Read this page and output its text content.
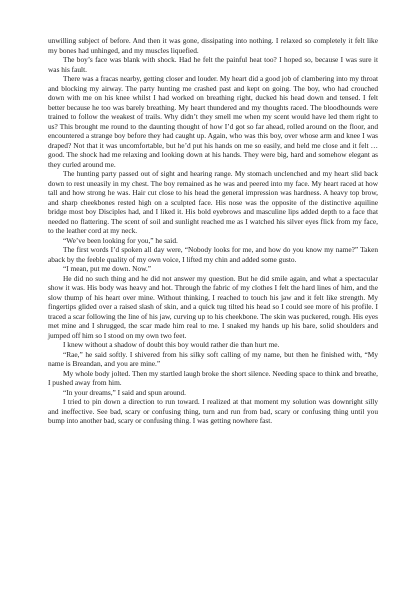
unwilling subject of before. And then it was gone, dissipating into nothing. I relaxed so completely it felt like my bones had unhinged, and my muscles liquefied.

The boy’s face was blank with shock. Had he felt the painful heat too? I hoped so, because I was sure it was his fault.

There was a fracas nearby, getting closer and louder. My heart did a good job of clambering into my throat and blocking my airway. The party hunting me crashed past and kept on going. The boy, who had crouched down with me on his knee whilst I had worked on breathing right, ducked his head down and tensed. I felt better because he too was barely breathing. My heart thundered and my thoughts raced. The bloodhounds were trained to follow the weakest of trails. Why didn’t they smell me when my scent would have led them right to us? This brought me round to the daunting thought of how I’d got so far ahead, rolled around on the floor, and encountered a strange boy before they had caught up. Again, who was this boy, over whose arm and knee I was draped? Not that it was uncomfortable, but he’d put his hands on me so easily, and held me close and it felt … good. The shock had me relaxing and looking down at his hands. They were big, hard and somehow elegant as they curled around me.

The hunting party passed out of sight and hearing range. My stomach unclenched and my heart slid back down to rest uneasily in my chest. The boy remained as he was and peered into my face. My heart raced at how tall and how strong he was. Hair cut close to his head the general impression was hardness. A heavy top brow, and sharp cheekbones rested high on a sculpted face. His nose was the opposite of the distinctive aquiline bridge most boy Disciples had, and I liked it. His bold eyebrows and masculine lips added depth to a face that needed no flattering. The scent of soil and sunlight reached me as I watched his silver eyes flick from my face, to the leather cord at my neck.

“We’ve been looking for you,” he said.

The first words I’d spoken all day were, “Nobody looks for me, and how do you know my name?” Taken aback by the feeble quality of my own voice, I lifted my chin and added some gusto.

“I mean, put me down. Now.”

He did no such thing and he did not answer my question. But he did smile again, and what a spectacular show it was. His body was heavy and hot. Through the fabric of my clothes I felt the hard lines of him, and the slow thump of his heart over mine. Without thinking, I reached to touch his jaw and it felt like strength. My fingertips glided over a raised slash of skin, and a quick tug tilted his head so I could see more of his profile. I traced a scar following the line of his jaw, curving up to his cheekbone. The skin was puckered, rough. His eyes met mine and I shrugged, the scar made him real to me. I snaked my hands up his bare, solid shoulders and jumped off him so I stood on my own two feet.

I knew without a shadow of doubt this boy would rather die than hurt me.

“Rae,” he said softly. I shivered from his silky soft calling of my name, but then he finished with, “My name is Breandan, and you are mine.”

My whole body jolted. Then my startled laugh broke the short silence. Needing space to think and breathe, I pushed away from him.

“In your dreams,” I said and spun around.

I tried to pin down a direction to run toward. I realized at that moment my solution was downright silly and ineffective. See bad, scary or confusing thing, turn and run from bad, scary or confusing thing until you bump into another bad, scary or confusing thing. I was getting nowhere fast.
